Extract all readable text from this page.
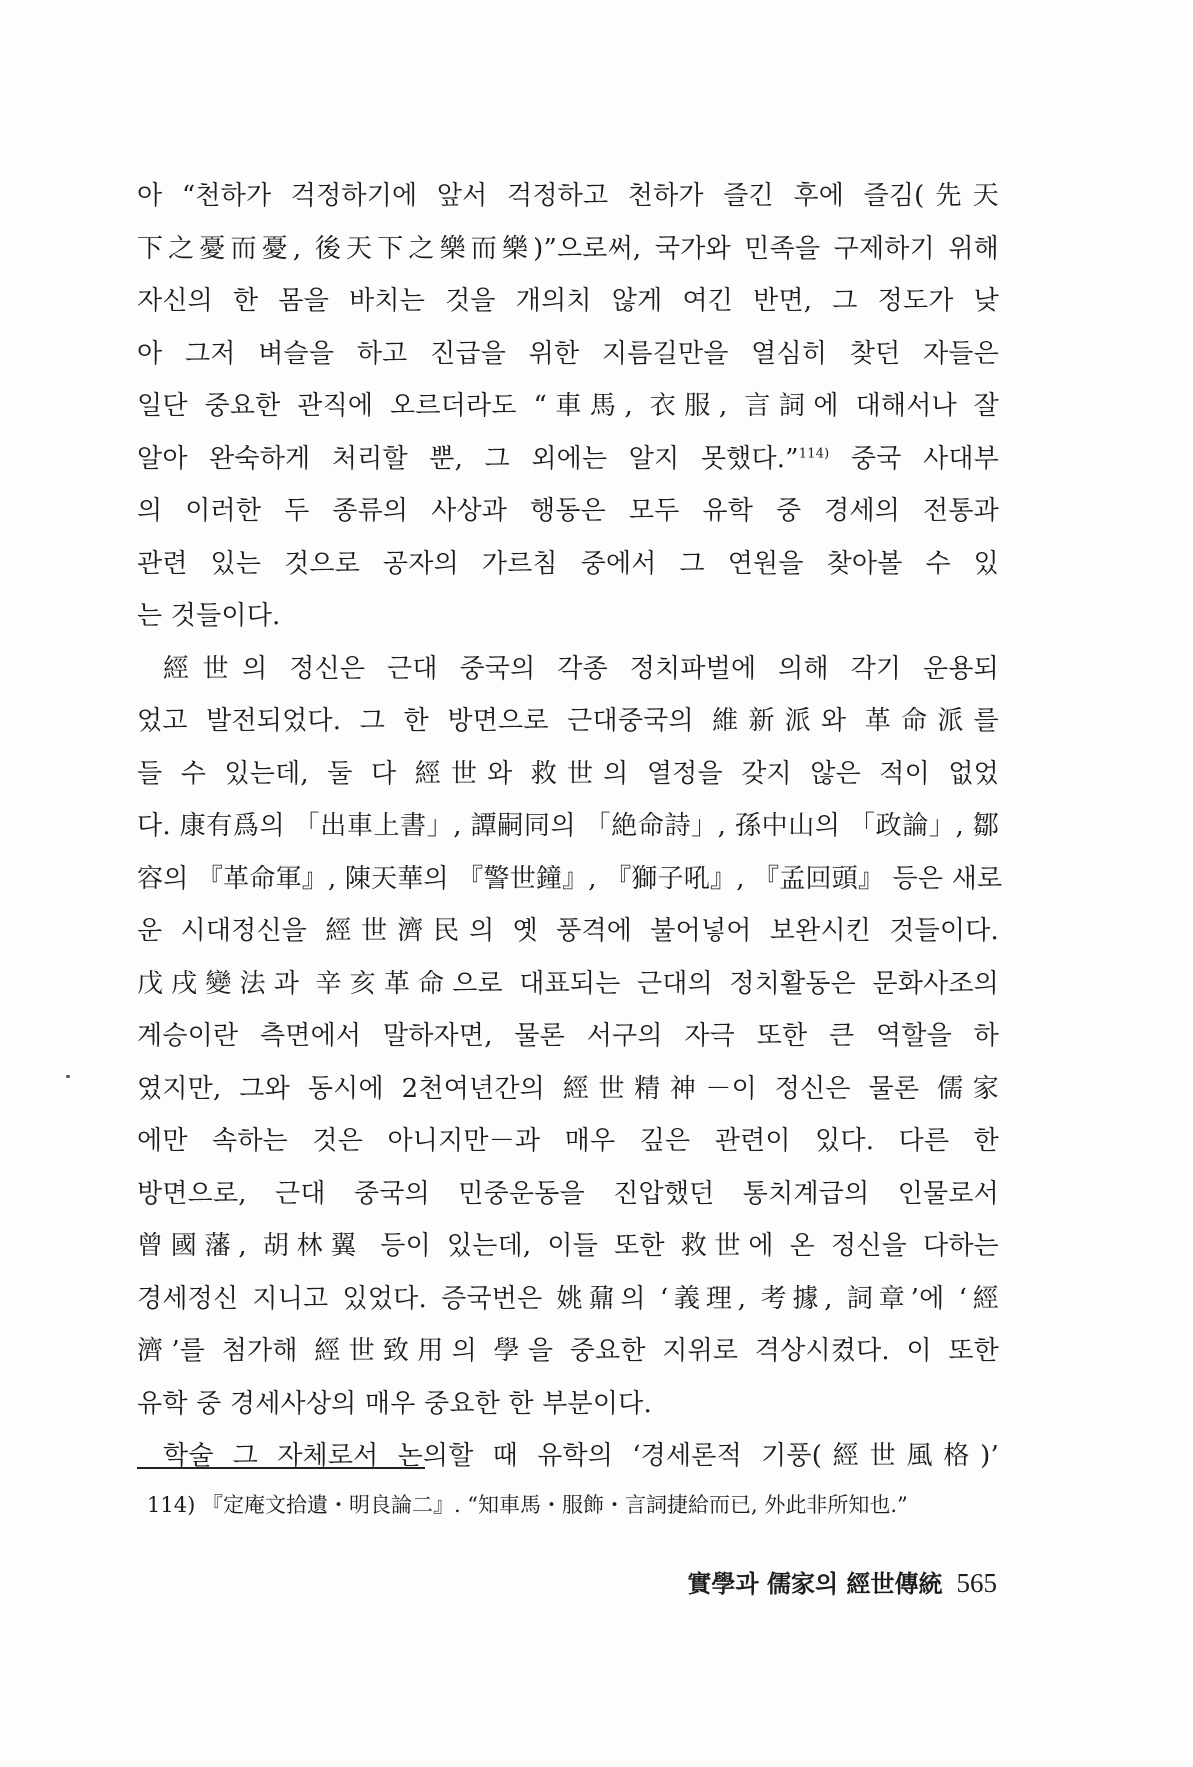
아 “천하가 걱정하기에 앞서 걱정하고 천하가 즐긴 후에 즐김(先天
下之憂而憂, 後天下之樂而樂)”으로써, 국가와 민족을 구제하기 위해
자신의 한 몸을 바치는 것을 개의치 않게 여긴 반면, 그 정도가 낮
아 그저 벼슬을 하고 진급을 위한 지름길만을 열심히 찾던 자들은
일단 중요한 관직에 오르더라도 “車馬, 衣服, 言詞에 대해서나 잘
알아 완숙하게 처리할 뿐, 그 외에는 알지 못했다.”$^{114)}$ 중국 사대부
의 이러한 두 종류의 사상과 행동은 모두 유학 중 경세의 전통과
관련 있는 것으로 공자의 가르침 중에서 그 연원을 찾아볼 수 있
는 것들이다.
經世의 정신은 근대 중국의 각종 정치파벌에 의해 각기 운용되
었고 발전되었다. 그 한 방면으로 근대중국의 維新派와 革命派를
들 수 있는데, 둘 다 經世와 救世의 열정을 갖지 않은 적이 없었
다. 康有爲의 「出車上書」, 譚嗣同의 「絶命詩」, 孫中山의 「政論」, 鄒
容의 『革命軍』, 陳天華의 『警世鐘』, 『獅子吼』, 『孟回頭』 등은 새로
운 시대정신을 經世濟民의 옛 풍격에 불어넣어 보완시킨 것들이다.
戊戌變法과 辛亥革命으로 대표되는 근대의 정치활동은 문화사조의
계승이란 측면에서 말하자면, 물론 서구의 자극 또한 큰 역할을 하
였지만, 그와 동시에 2천여년간의 經世精神－이 정신은 물론 儒家
에만 속하는 것은 아니지만－과 매우 깊은 관련이 있다. 다른 한
방면으로, 근대 중국의 민중운동을 진압했던 통치계급의 인물로서
曾國藩, 胡林翼 등이 있는데, 이들 또한 救世에 온 정신을 다하는
경세정신 지니고 있었다. 증국번은 姚鼐의 ‘義理, 考據, 詞章’에 ‘經
濟’를 첨가해 經世致用의 學을 중요한 지위로 격상시켰다. 이 또한
유학 중 경세사상의 매우 중요한 한 부분이다.
학술 그 자체로서 논의할 때 유학의 ‘경세론적 기풍(經世風格)’
114) 『定庵文拾遺・明良論二』. “知車馬・服飾・言詞捷給而已, 外此非所知也.”
實學과 儒家의 經世傳統 565
